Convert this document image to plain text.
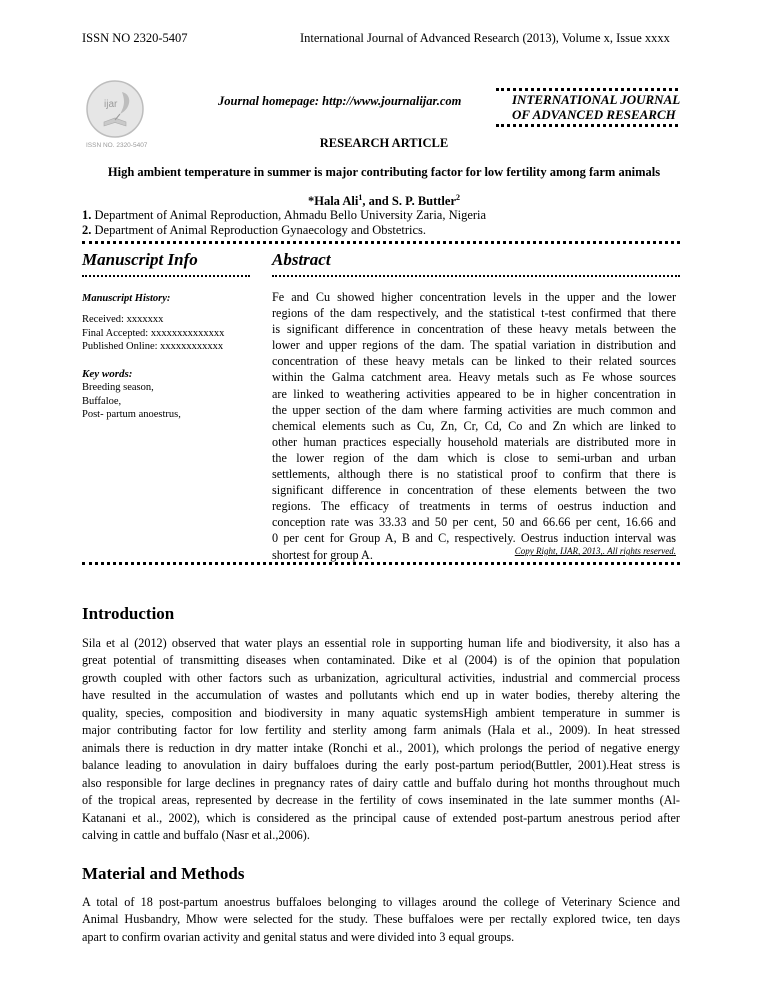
ISSN NO 2320-5407	International Journal of Advanced Research (2013), Volume x, Issue xxxx
ijar
ISSN NO. 2320-5407
Journal homepage: http://www.journalijar.com	INTERNATIONAL JOURNAL
OF ADVANCED RESEARCH
RESEARCH ARTICLE
High ambient temperature in summer is major contributing factor for low fertility among farm animals
*Hala Ali$^1$, and S. P. Buttler$^2$
1. Department of Animal Reproduction, Ahmadu Bello University Zaria, Nigeria
2. Department of Animal Reproduction Gynaecology and Obstetrics.
Manuscript Info
Manuscript History:
Received: xxxxxxx
Final Accepted: xxxxxxxxxxxxxx
Published Online: xxxxxxxxxxxx
Key words:
Breeding season,
Buffaloe,
Post- partum anoestrus,
Abstract
Fe and Cu showed higher concentration levels in the upper and the lower
regions of the dam respectively, and the statistical t-test confirmed that there
is significant difference in concentration of these heavy metals between the
lower and upper regions of the dam. The spatial variation in distribution and
concentration of these heavy metals can be linked to their related sources
within the Galma catchment area. Heavy metals such as Fe whose sources
are linked to weathering activities appeared to be in higher concentration in
the upper section of the dam where farming activities are much common and
chemical elements such as Cu, Zn, Cr, Cd, Co and Zn which are linked to
other human practices especially household materials are distributed more in
the lower region of the dam which is close to semi-urban and urban
settlements, although there is no statistical proof to confirm that there is
significant difference in concentration of these elements between the two
regions. The efficacy of treatments in terms of oestrus induction and
conception rate was 33.33 and 50 per cent, 50 and 66.66 per cent, 16.66 and
0 per cent for Group A, B and C, respectively. Oestrus induction interval was
shortest for group A.	Copy Right, IJAR, 2013,. All rights reserved.
Introduction
Sila et al (2012) observed that water plays an essential role in supporting human life and biodiversity, it also has a
great potential of transmitting diseases when contaminated. Dike et al (2004) is of the opinion that population
growth coupled with other factors such as urbanization, agricultural activities, industrial and commercial process
have resulted in the accumulation of wastes and pollutants which end up in water bodies, thereby altering the
quality, species, composition and biodiversity in many aquatic systemsHigh ambient temperature in summer is
major contributing factor for low fertility and sterlity among farm animals (Hala et al., 2009). In heat stressed
animals there is reduction in dry matter intake (Ronchi et al., 2001), which prolongs the period of negative energy
balance leading to anovulation in dairy buffaloes during the early post-partum period(Buttler, 2001).Heat stress is
also responsible for large declines in pregnancy rates of dairy cattle and buffalo during hot months throughout much
of the tropical areas, represented by decrease in the fertility of cows inseminated in the late summer months (Al-
Katanani et al., 2002), which is considered as the principal cause of extended post-partum anestrous period after
calving in cattle and buffalo (Nasr et al.,2006).
Material and Methods
A total of 18 post-partum anoestrus buffaloes belonging to villages around the college of Veterinary Science and
Animal Husbandry, Mhow were selected for the study. These buffaloes were per rectally explored twice, ten days
apart to confirm ovarian activity and genital status and were divided into 3 equal groups.
